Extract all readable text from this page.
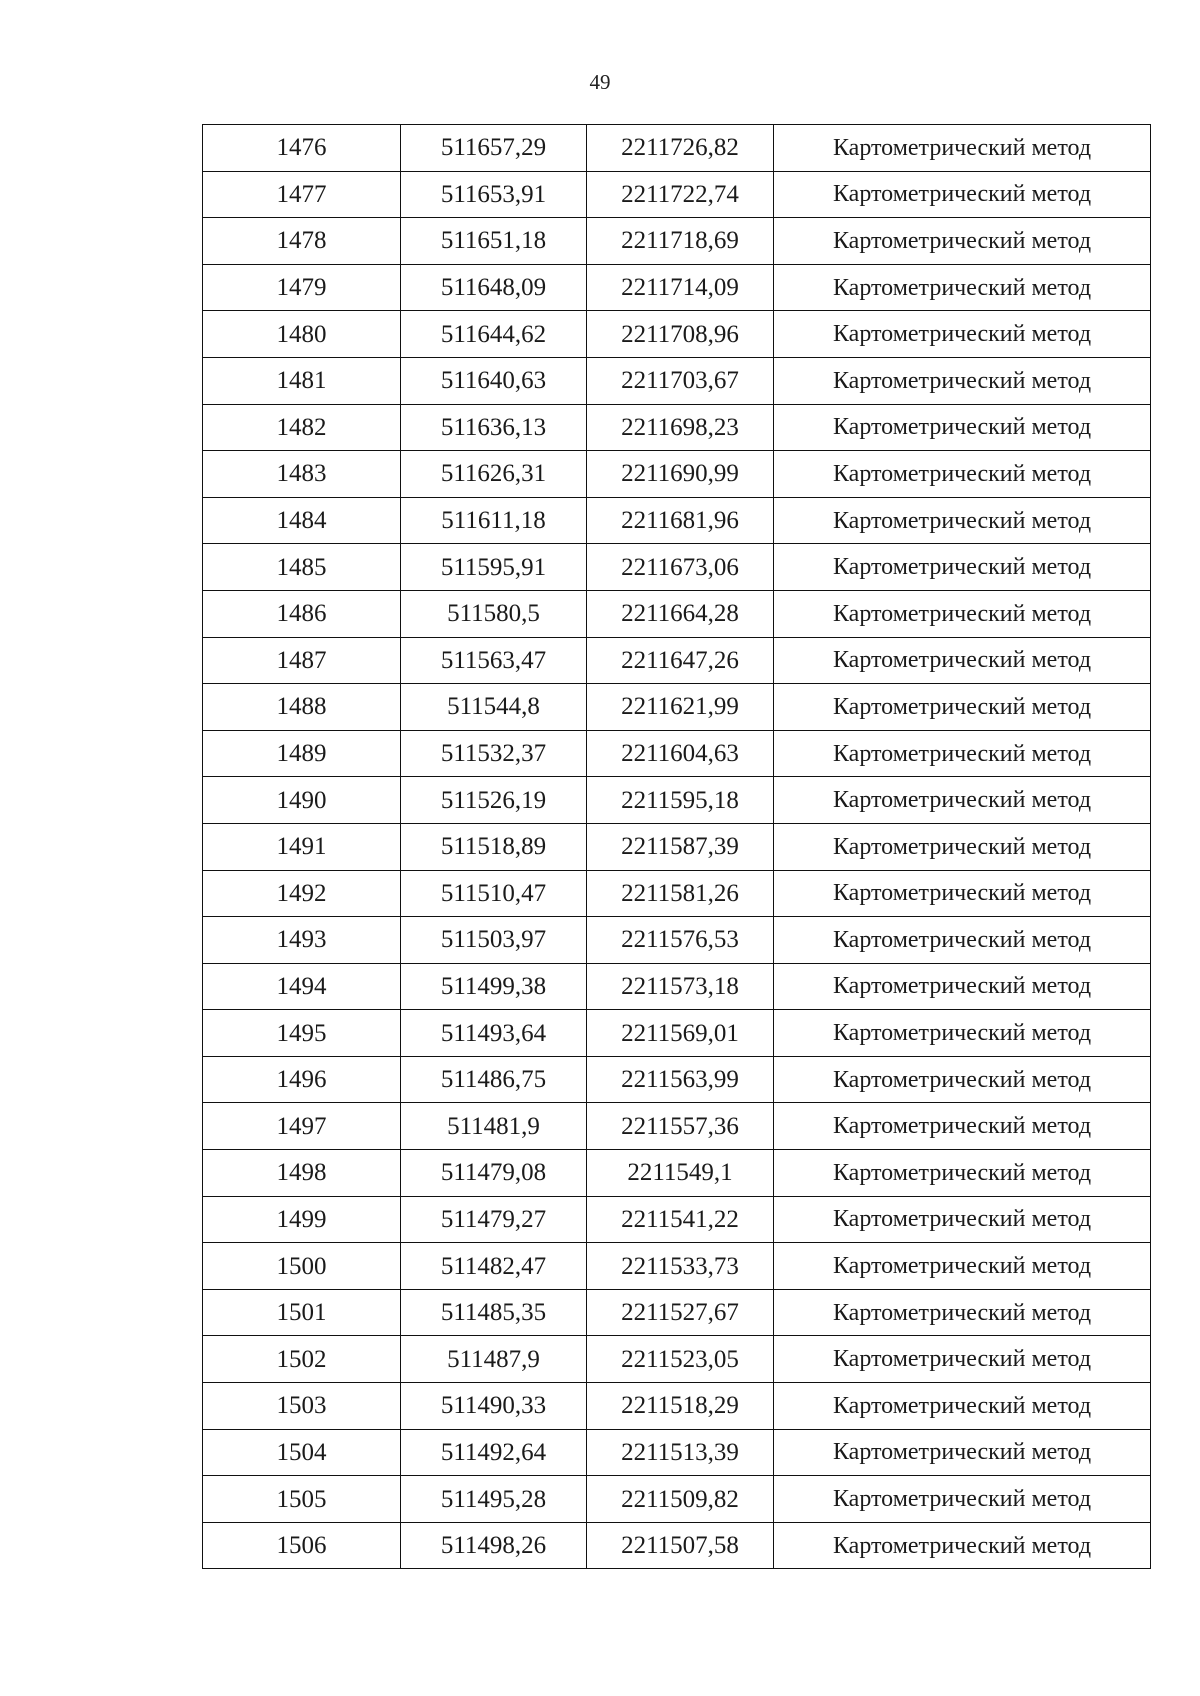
49
1476	511657,29	2211726,82	Картометрический метод
1477	511653,91	2211722,74	Картометрический метод
1478	511651,18	2211718,69	Картометрический метод
1479	511648,09	2211714,09	Картометрический метод
1480	511644,62	2211708,96	Картометрический метод
1481	511640,63	2211703,67	Картометрический метод
1482	511636,13	2211698,23	Картометрический метод
1483	511626,31	2211690,99	Картометрический метод
1484	511611,18	2211681,96	Картометрический метод
1485	511595,91	2211673,06	Картометрический метод
1486	511580,5	2211664,28	Картометрический метод
1487	511563,47	2211647,26	Картометрический метод
1488	511544,8	2211621,99	Картометрический метод
1489	511532,37	2211604,63	Картометрический метод
1490	511526,19	2211595,18	Картометрический метод
1491	511518,89	2211587,39	Картометрический метод
1492	511510,47	2211581,26	Картометрический метод
1493	511503,97	2211576,53	Картометрический метод
1494	511499,38	2211573,18	Картометрический метод
1495	511493,64	2211569,01	Картометрический метод
1496	511486,75	2211563,99	Картометрический метод
1497	511481,9	2211557,36	Картометрический метод
1498	511479,08	2211549,1	Картометрический метод
1499	511479,27	2211541,22	Картометрический метод
1500	511482,47	2211533,73	Картометрический метод
1501	511485,35	2211527,67	Картометрический метод
1502	511487,9	2211523,05	Картометрический метод
1503	511490,33	2211518,29	Картометрический метод
1504	511492,64	2211513,39	Картометрический метод
1505	511495,28	2211509,82	Картометрический метод
1506	511498,26	2211507,58	Картометрический метод
